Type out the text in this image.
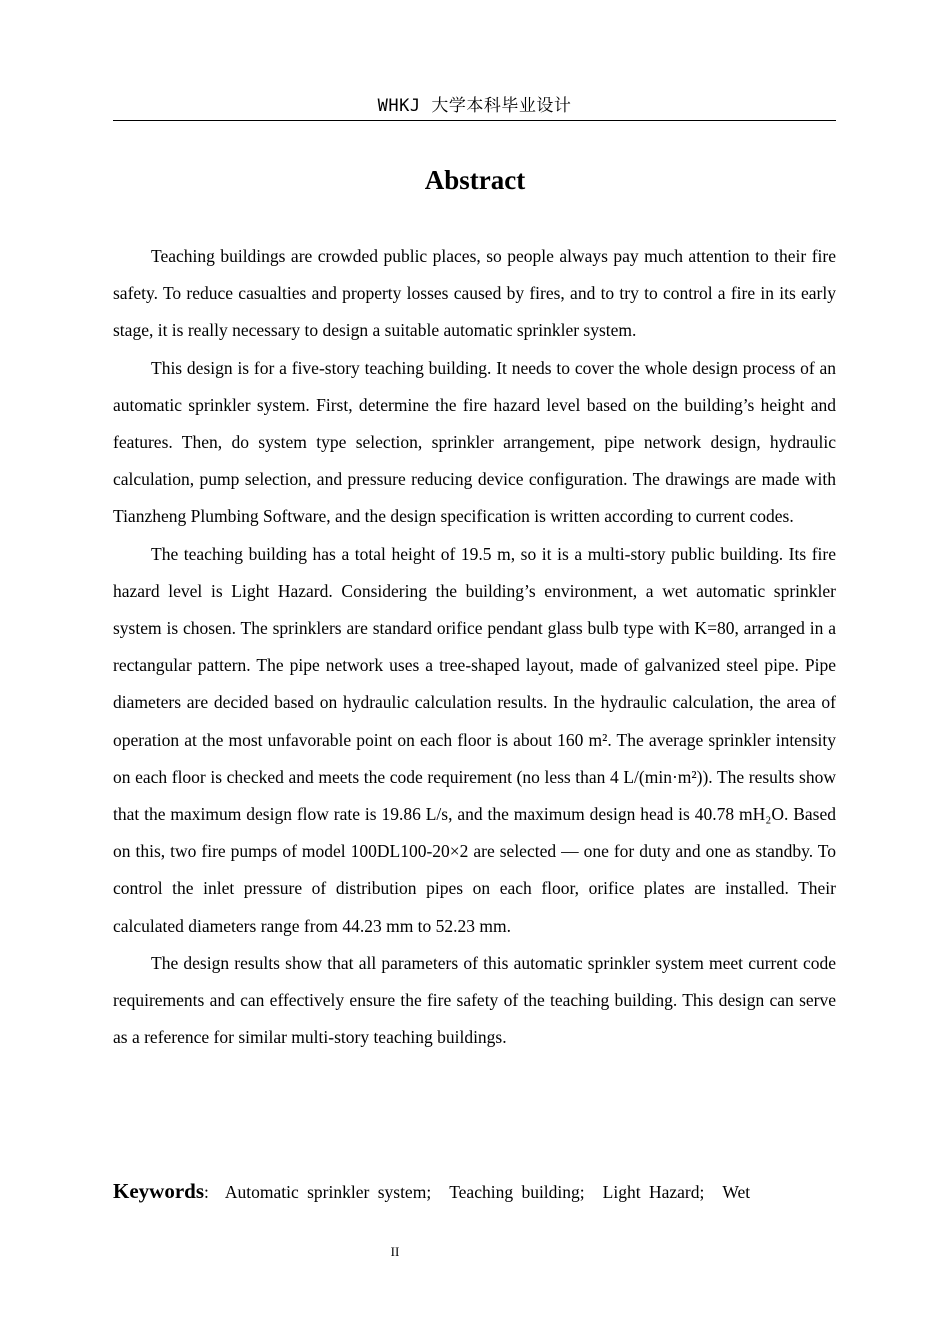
WHKJ 大学本科毕业设计
Abstract

Teaching buildings are crowded public places, so people always pay much attention to their fire safety. To reduce casualties and property losses caused by fires, and to try to control a fire in its early stage, it is really necessary to design a suitable automatic sprinkler system.

This design is for a five-story teaching building. It needs to cover the whole design process of an automatic sprinkler system. First, determine the fire hazard level based on the building’s height and features. Then, do system type selection, sprinkler arrangement, pipe network design, hydraulic calculation, pump selection, and pressure reducing device configuration. The drawings are made with Tianzheng Plumbing Software, and the design specification is written according to current codes.

The teaching building has a total height of 19.5 m, so it is a multi-story public building. Its fire hazard level is Light Hazard. Considering the building’s environment, a wet automatic sprinkler system is chosen. The sprinklers are standard orifice pendant glass bulb type with K=80, arranged in a rectangular pattern. The pipe network uses a tree-shaped layout, made of galvanized steel pipe. Pipe diameters are decided based on hydraulic calculation results. In the hydraulic calculation, the area of operation at the most unfavorable point on each floor is about 160 m². The average sprinkler intensity on each floor is checked and meets the code requirement (no less than 4 L/(min·m²)). The results show that the maximum design flow rate is 19.86 L/s, and the maximum design head is 40.78 mH₂O. Based on this, two fire pumps of model 100DL100-20×2 are selected — one for duty and one as standby. To control the inlet pressure of distribution pipes on each floor, orifice plates are installed. Their calculated diameters range from 44.23 mm to 52.23 mm.

The design results show that all parameters of this automatic sprinkler system meet current code requirements and can effectively ensure the fire safety of the teaching building. This design can serve as a reference for similar multi-story teaching buildings.

Keywords: Automatic sprinkler system; Teaching building; Light Hazard; Wet
II
